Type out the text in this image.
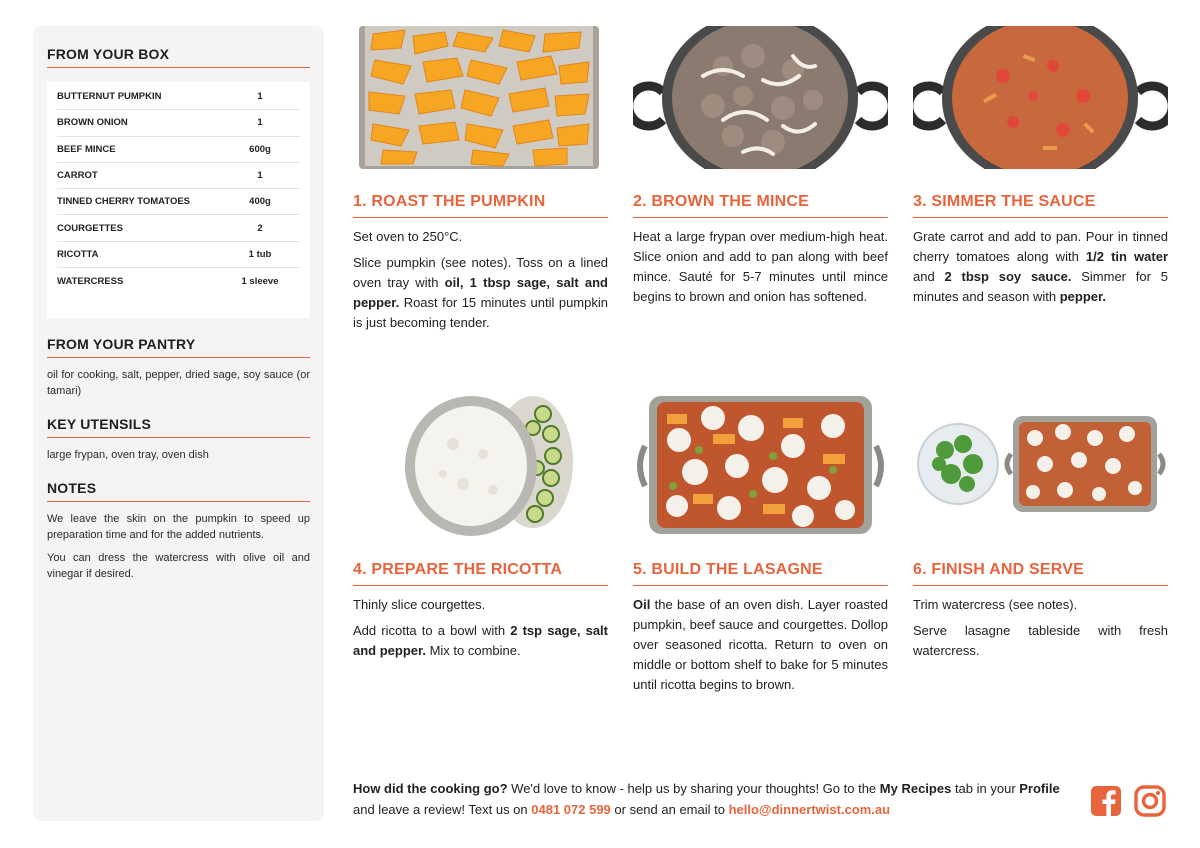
FROM YOUR BOX
BUTTERNUT PUMPKIN	1
BROWN ONION	1
BEEF MINCE	600g
CARROT	1
TINNED CHERRY TOMATOES	400g
COURGETTES	2
RICOTTA	1 tub
WATERCRESS	1 sleeve
FROM YOUR PANTRY

oil for cooking, salt, pepper, dried sage, soy sauce (or tamari)

KEY UTENSILS

large frypan, oven tray, oven dish

NOTES

We leave the skin on the pumpkin to speed up preparation time and for the added nutrients.

You can dress the watercress with olive oil and vinegar if desired.

1. ROAST THE PUMPKIN

Set oven to 250°C.

Slice pumpkin (see notes). Toss on a lined oven tray with oil, 1 tbsp sage, salt and pepper. Roast for 15 minutes until pumpkin is just becoming tender.

2. BROWN THE MINCE

Heat a large frypan over medium-high heat. Slice onion and add to pan along with beef mince. Sauté for 5-7 minutes until mince begins to brown and onion has softened.

3. SIMMER THE SAUCE

Grate carrot and add to pan. Pour in tinned cherry tomatoes along with 1/2 tin water and 2 tbsp soy sauce. Simmer for 5 minutes and season with pepper.

4. PREPARE THE RICOTTA

Thinly slice courgettes.

Add ricotta to a bowl with 2 tsp sage, salt and pepper. Mix to combine.

5. BUILD THE LASAGNE

Oil the base of an oven dish. Layer roasted pumpkin, beef sauce and courgettes. Dollop over seasoned ricotta. Return to oven on middle or bottom shelf to bake for 5 minutes until ricotta begins to brown.

6. FINISH AND SERVE

Trim watercress (see notes).

Serve lasagne tableside with fresh watercress.

How did the cooking go? We'd love to know - help us by sharing your thoughts! Go to the My Recipes tab in your Profile and leave a review! Text us on 0481 072 599 or send an email to hello@dinnertwist.com.au
